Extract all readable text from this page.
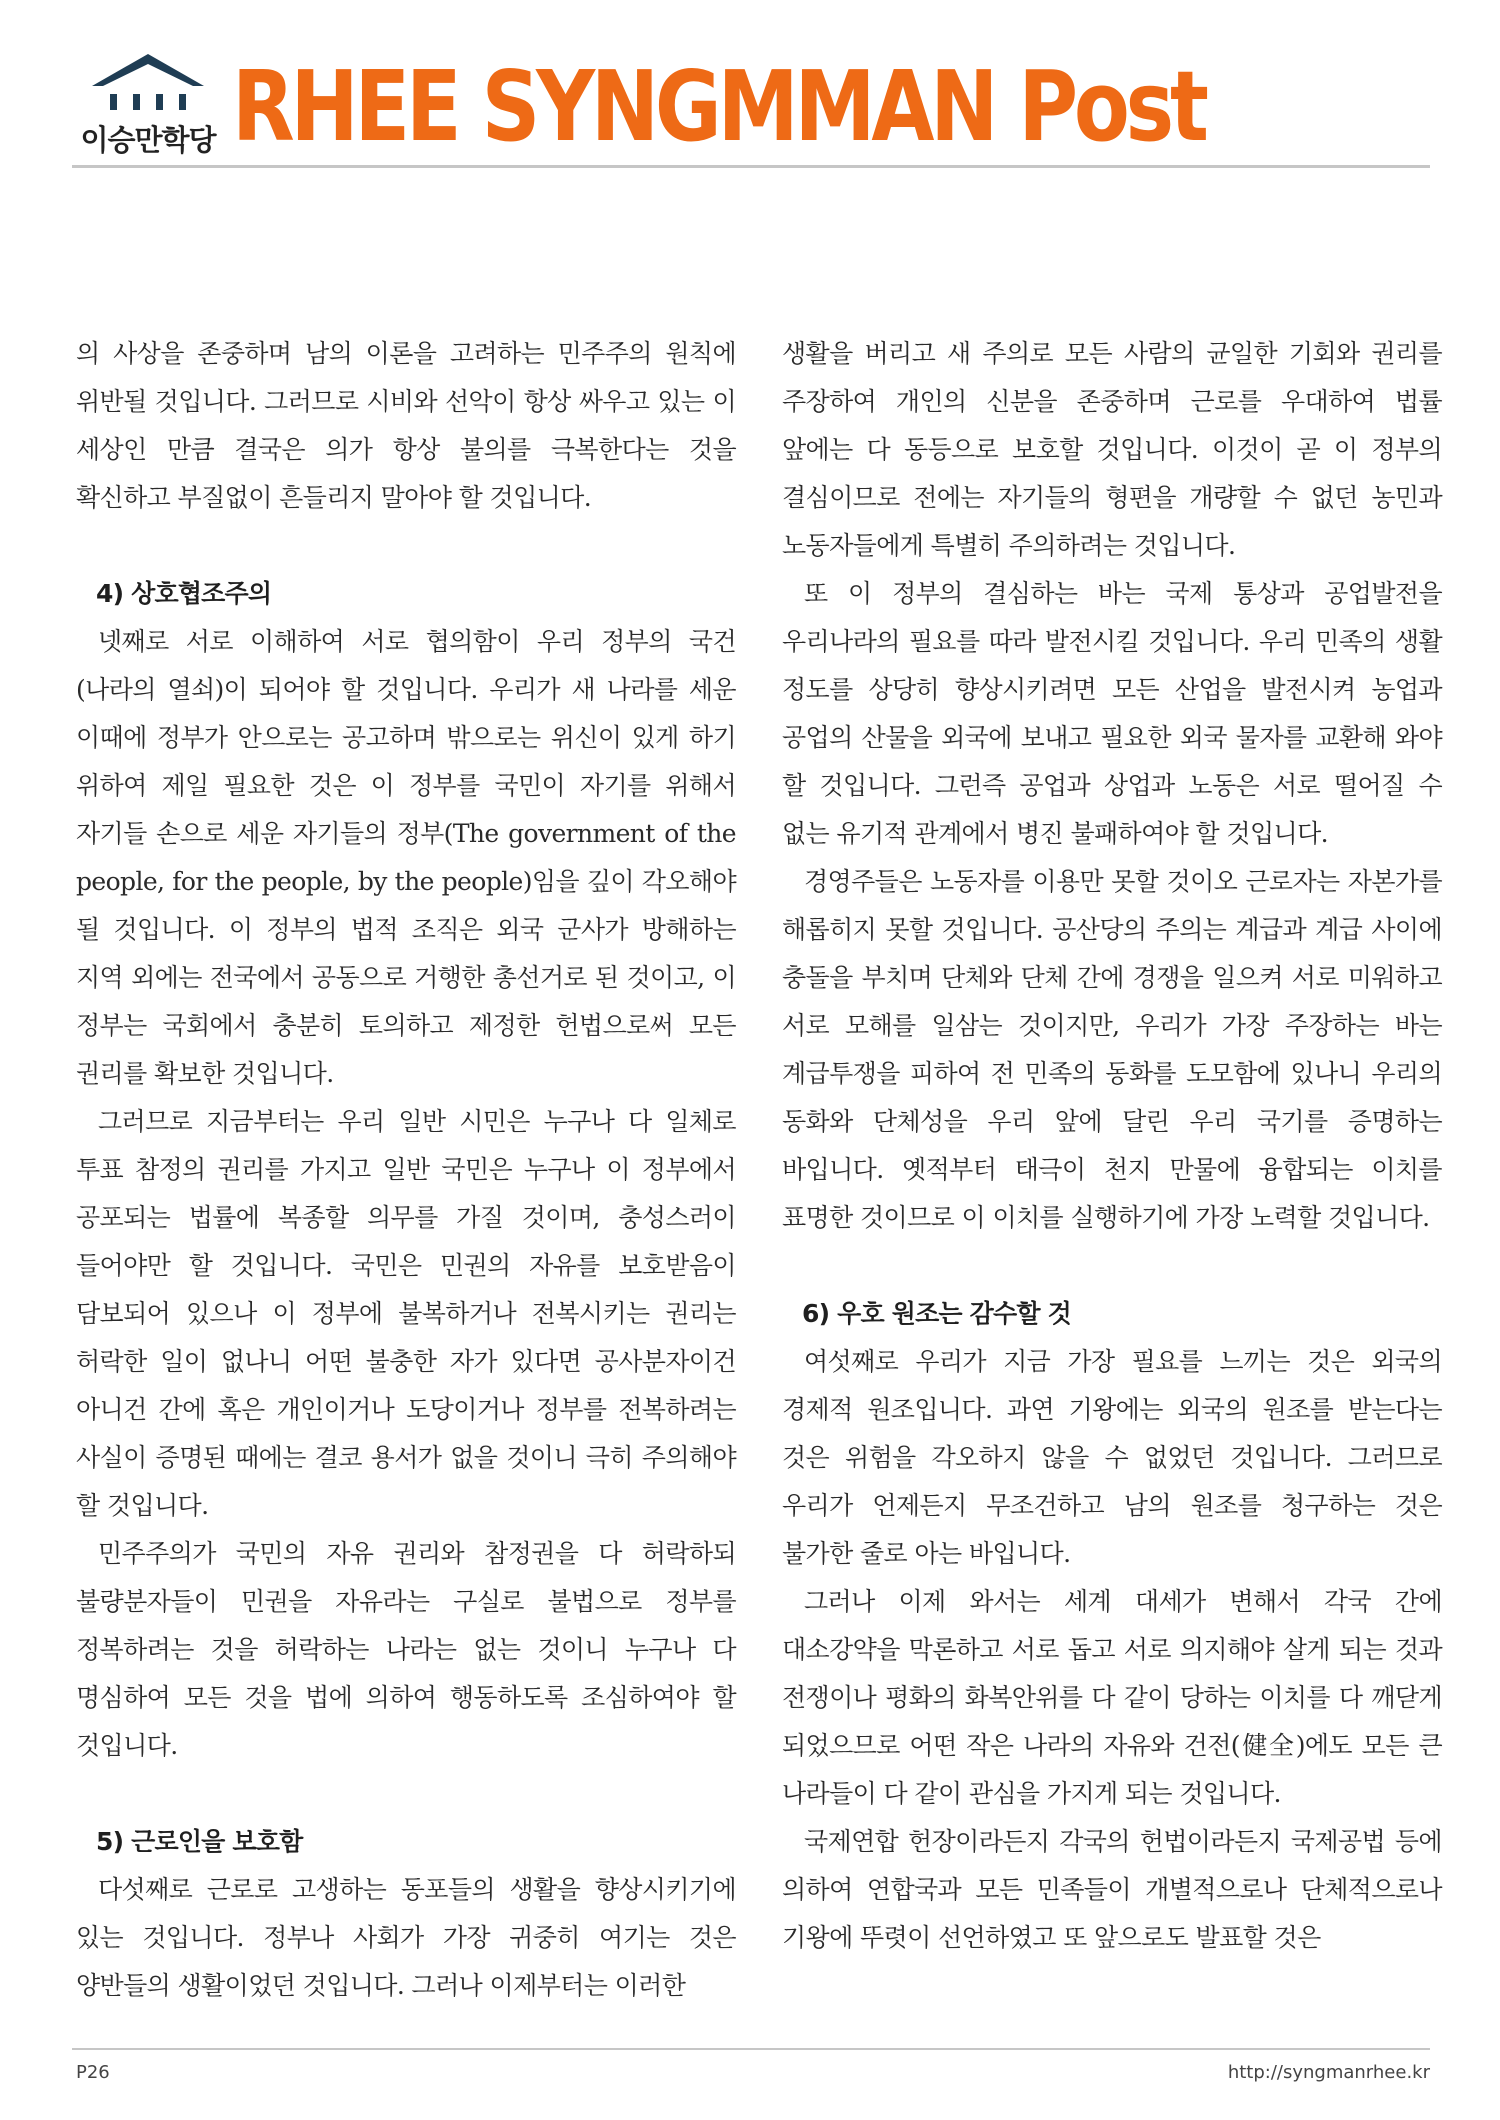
이승만학당 RHEE SYNGMMAN Post

의 사상을 존중하며 남의 이론을 고려하는 민주주의 원칙에 위반될 것입니다. 그러므로 시비와 선악이 항상 싸우고 있는 이 세상인 만큼 결국은 의가 항상 불의를 극복한다는 것을 확신하고 부질없이 흔들리지 말아야 할 것입니다.

4) 상호협조주의

넷째로 서로 이해하여 서로 협의함이 우리 정부의 국건(나라의 열쇠)이 되어야 할 것입니다. 우리가 새 나라를 세운 이때에 정부가 안으로는 공고하며 밖으로는 위신이 있게 하기 위하여 제일 필요한 것은 이 정부를 국민이 자기를 위해서 자기들 손으로 세운 자기들의 정부(The government of the people, for the people, by the people)임을 깊이 각오해야 될 것입니다. 이 정부의 법적 조직은 외국 군사가 방해하는 지역 외에는 전국에서 공동으로 거행한 총선거로 된 것이고, 이 정부는 국회에서 충분히 토의하고 제정한 헌법으로써 모든 권리를 확보한 것입니다.

그러므로 지금부터는 우리 일반 시민은 누구나 다 일체로 투표 참정의 권리를 가지고 일반 국민은 누구나 이 정부에서 공포되는 법률에 복종할 의무를 가질 것이며, 충성스러이 들어야만 할 것입니다. 국민은 민권의 자유를 보호받음이 담보되어 있으나 이 정부에 불복하거나 전복시키는 권리는 허락한 일이 없나니 어떤 불충한 자가 있다면 공사분자이건 아니건 간에 혹은 개인이거나 도당이거나 정부를 전복하려는 사실이 증명된 때에는 결코 용서가 없을 것이니 극히 주의해야 할 것입니다.

민주주의가 국민의 자유 권리와 참정권을 다 허락하되 불량분자들이 민권을 자유라는 구실로 불법으로 정부를 정복하려는 것을 허락하는 나라는 없는 것이니 누구나 다 명심하여 모든 것을 법에 의하여 행동하도록 조심하여야 할 것입니다.

5) 근로인을 보호함

다섯째로 근로로 고생하는 동포들의 생활을 향상시키기에 있는 것입니다. 정부나 사회가 가장 귀중히 여기는 것은 양반들의 생활이었던 것입니다. 그러나 이제부터는 이러한

생활을 버리고 새 주의로 모든 사람의 균일한 기회와 권리를 주장하여 개인의 신분을 존중하며 근로를 우대하여 법률 앞에는 다 동등으로 보호할 것입니다. 이것이 곧 이 정부의 결심이므로 전에는 자기들의 형편을 개량할 수 없던 농민과 노동자들에게 특별히 주의하려는 것입니다.

또 이 정부의 결심하는 바는 국제 통상과 공업발전을 우리나라의 필요를 따라 발전시킬 것입니다. 우리 민족의 생활 정도를 상당히 향상시키려면 모든 산업을 발전시켜 농업과 공업의 산물을 외국에 보내고 필요한 외국 물자를 교환해 와야 할 것입니다. 그런즉 공업과 상업과 노동은 서로 떨어질 수 없는 유기적 관계에서 병진 불패하여야 할 것입니다.

경영주들은 노동자를 이용만 못할 것이오 근로자는 자본가를 해롭히지 못할 것입니다. 공산당의 주의는 계급과 계급 사이에 충돌을 부치며 단체와 단체 간에 경쟁을 일으켜 서로 미워하고 서로 모해를 일삼는 것이지만, 우리가 가장 주장하는 바는 계급투쟁을 피하여 전 민족의 동화를 도모함에 있나니 우리의 동화와 단체성을 우리 앞에 달린 우리 국기를 증명하는 바입니다. 옛적부터 태극이 천지 만물에 융합되는 이치를 표명한 것이므로 이 이치를 실행하기에 가장 노력할 것입니다.

6) 우호 원조는 감수할 것

여섯째로 우리가 지금 가장 필요를 느끼는 것은 외국의 경제적 원조입니다. 과연 기왕에는 외국의 원조를 받는다는 것은 위험을 각오하지 않을 수 없었던 것입니다. 그러므로 우리가 언제든지 무조건하고 남의 원조를 청구하는 것은 불가한 줄로 아는 바입니다.

그러나 이제 와서는 세계 대세가 변해서 각국 간에 대소강약을 막론하고 서로 돕고 서로 의지해야 살게 되는 것과 전쟁이나 평화의 화복안위를 다 같이 당하는 이치를 다 깨닫게 되었으므로 어떤 작은 나라의 자유와 건전(健全)에도 모든 큰 나라들이 다 같이 관심을 가지게 되는 것입니다.

국제연합 헌장이라든지 각국의 헌법이라든지 국제공법 등에 의하여 연합국과 모든 민족들이 개별적으로나 단체적으로나 기왕에 뚜렷이 선언하였고 또 앞으로도 발표할 것은

P26	http://syngmanrhee.kr
